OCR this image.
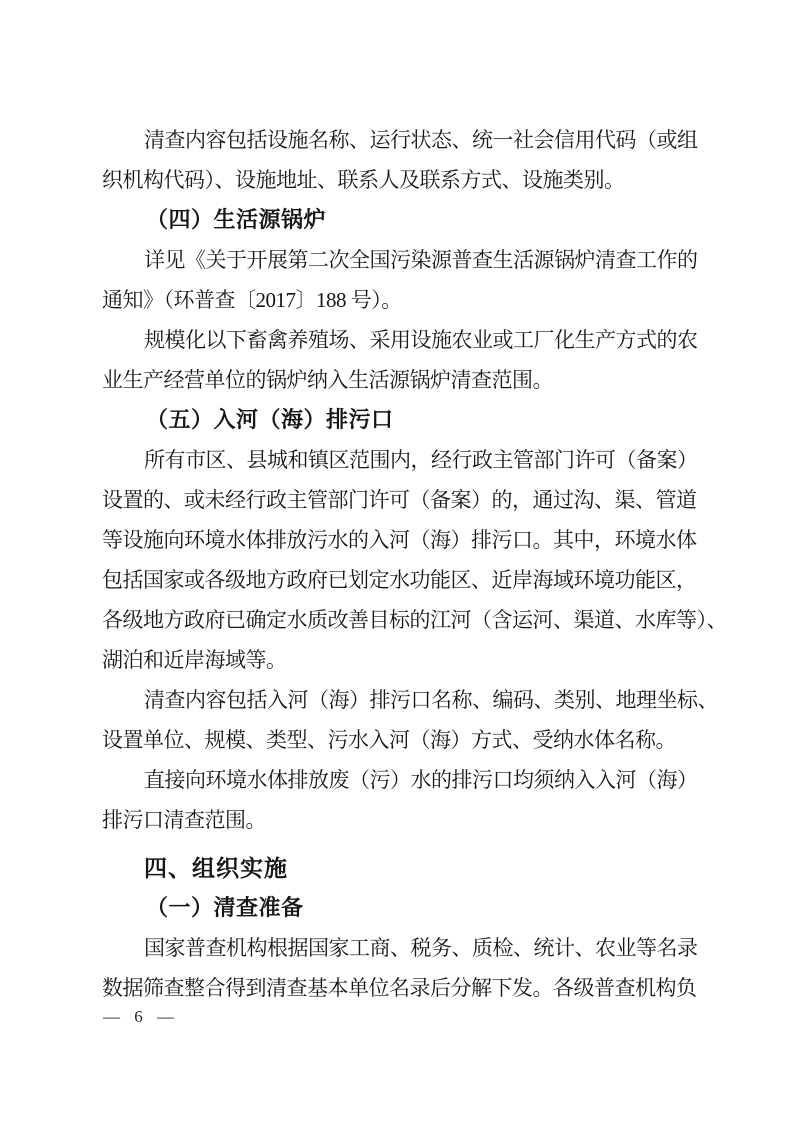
清查内容包括设施名称、运行状态、统一社会信用代码（或组

织机构代码）、设施地址、联系人及联系方式、设施类别。

（四）生活源锅炉

详见《关于开展第二次全国污染源普查生活源锅炉清查工作的

通知》（环普查〔2017〕188 号）。

规模化以下畜禽养殖场、采用设施农业或工厂化生产方式的农

业生产经营单位的锅炉纳入生活源锅炉清查范围。

（五）入河（海）排污口

所有市区、县城和镇区范围内，经行政主管部门许可（备案）

设置的、或未经行政主管部门许可（备案）的，通过沟、渠、管道

等设施向环境水体排放污水的入河（海）排污口。其中，环境水体

包括国家或各级地方政府已划定水功能区、近岸海域环境功能区，

各级地方政府已确定水质改善目标的江河（含运河、渠道、水库等）、

湖泊和近岸海域等。

清查内容包括入河（海）排污口名称、编码、类别、地理坐标、

设置单位、规模、类型、污水入河（海）方式、受纳水体名称。

直接向环境水体排放废（污）水的排污口均须纳入入河（海）

排污口清查范围。

四、组织实施
（一）清查准备

国家普查机构根据国家工商、税务、质检、统计、农业等名录

数据筛查整合得到清查基本单位名录后分解下发。各级普查机构负

— 6 —
